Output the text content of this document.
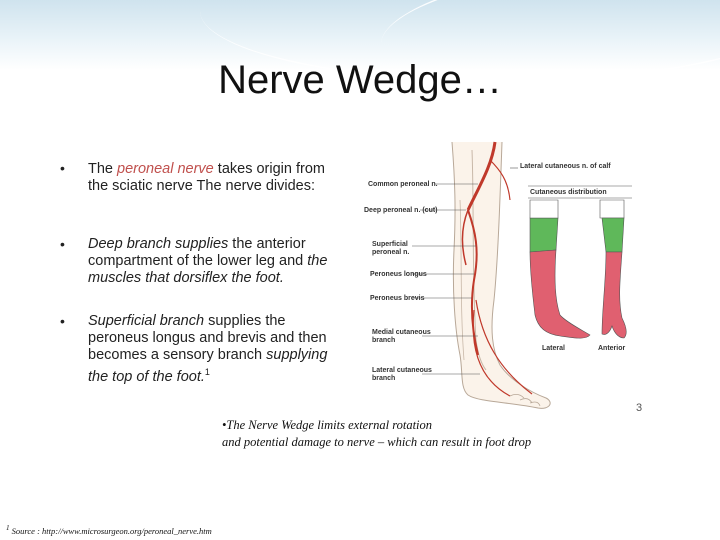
Nerve Wedge…
• The peroneal nerve takes origin from the sciatic nerve The nerve divides:
• Deep branch supplies the anterior compartment of the lower leg and the muscles that dorsiflex the foot.
• Superficial branch supplies the peroneus longus and brevis and then becomes a sensory branch supplying the top of the foot.$^1$
Lateral cutaneous n. of calf
Common peroneal n.
Cutaneous distribution
Deep peroneal n. (cut)
Superficial
peroneal n.
Peroneus longus
Peroneus brevis
Medial cutaneous
branch
Lateral cutaneous
branch
Lateral	Anterior
3
•The Nerve Wedge limits external rotation
and potential damage to nerve – which can result in foot drop
$^1$ Source : http://www.microsurgeon.org/peroneal_nerve.htm
